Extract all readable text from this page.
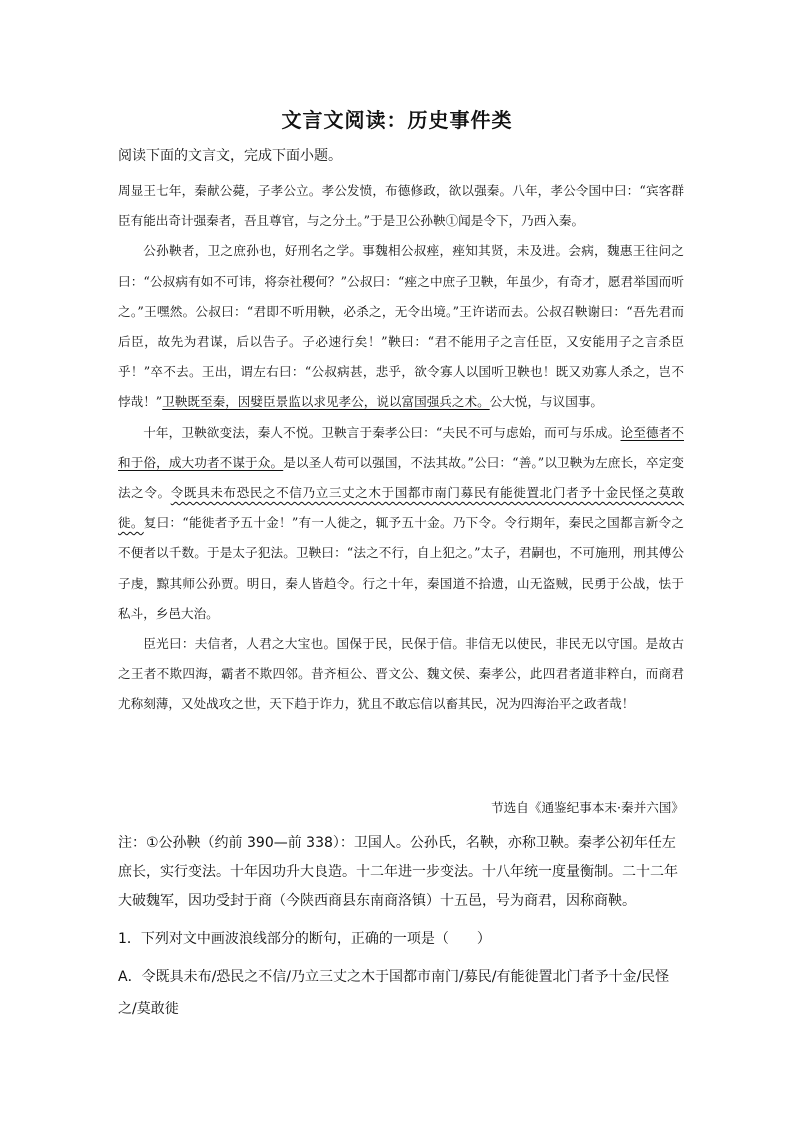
文言文阅读：历史事件类
阅读下面的文言文，完成下面小题。

周显王七年，秦献公薨，子孝公立。孝公发愤，布德修政，欲以强秦。八年，孝公令国中曰：“宾客群臣有能出奇计强秦者，吾且尊官，与之分土。”于是卫公孙鞅①闻是令下，乃西入秦。

公孙鞅者，卫之庶孙也，好刑名之学。事魏相公叔痤，痤知其贤，未及进。会病，魏惠王往问之曰：“公叔病有如不可讳，将奈社稷何？”公叔曰：“痤之中庶子卫鞅，年虽少，有奇才，愿君举国而听之。”王嘿然。公叔曰：“君即不听用鞅，必杀之，无令出境。”王许诺而去。公叔召鞅谢曰：“吾先君而后臣，故先为君谋，后以告子。子必速行矣！”鞅曰：“君不能用子之言任臣，又安能用子之言杀臣乎！”卒不去。王出，谓左右曰：“公叔病甚，悲乎，欲令寡人以国听卫鞅也！既又劝寡人杀之，岂不悖哉！”卫鞅既至秦，因嬖臣景监以求见孝公，说以富国强兵之术。公大悦，与议国事。

十年，卫鞅欲变法，秦人不悦。卫鞅言于秦孝公曰：“夫民不可与虑始，而可与乐成。论至德者不和于俗，成大功者不谋于众。是以圣人苟可以强国，不法其故。”公曰：“善。”以卫鞅为左庶长，卒定变法之令。令既具未布恐民之不信乃立三丈之木于国都市南门募民有能徙置北门者予十金民怪之莫敢徙。复曰：“能徙者予五十金！”有一人徙之，辄予五十金。乃下令。令行期年，秦民之国都言新令之不便者以千数。于是太子犯法。卫鞅曰：“法之不行，自上犯之。”太子，君嗣也，不可施刑，刑其傅公子虔，黥其师公孙贾。明日，秦人皆趋令。行之十年，秦国道不拾遗，山无盗贼，民勇于公战，怯于私斗，乡邑大治。

臣光曰：夫信者，人君之大宝也。国保于民，民保于信。非信无以使民，非民无以守国。是故古之王者不欺四海，霸者不欺四邻。昔齐桓公、晋文公、魏文侯、秦孝公，此四君者道非粹白，而商君尤称刻薄，又处战攻之世，天下趋于诈力，犹且不敢忘信以畜其民，况为四海治平之政者哉！

节选自《通鉴纪事本末·秦并六国》
注：①公孙鞅（约前 390—前 338）：卫国人。公孙氏，名鞅，亦称卫鞅。秦孝公初年任左庶长，实行变法。十年因功升大良造。十二年进一步变法。十八年统一度量衡制。二十二年大破魏军，因功受封于商（今陕西商县东南商洛镇）十五邑，号为商君，因称商鞅。
1．下列对文中画波浪线部分的断句，正确的一项是（　　）
A．令既具未布/恐民之不信/乃立三丈之木于国都市南门/募民/有能徙置北门者予十金/民怪之/莫敢徙
